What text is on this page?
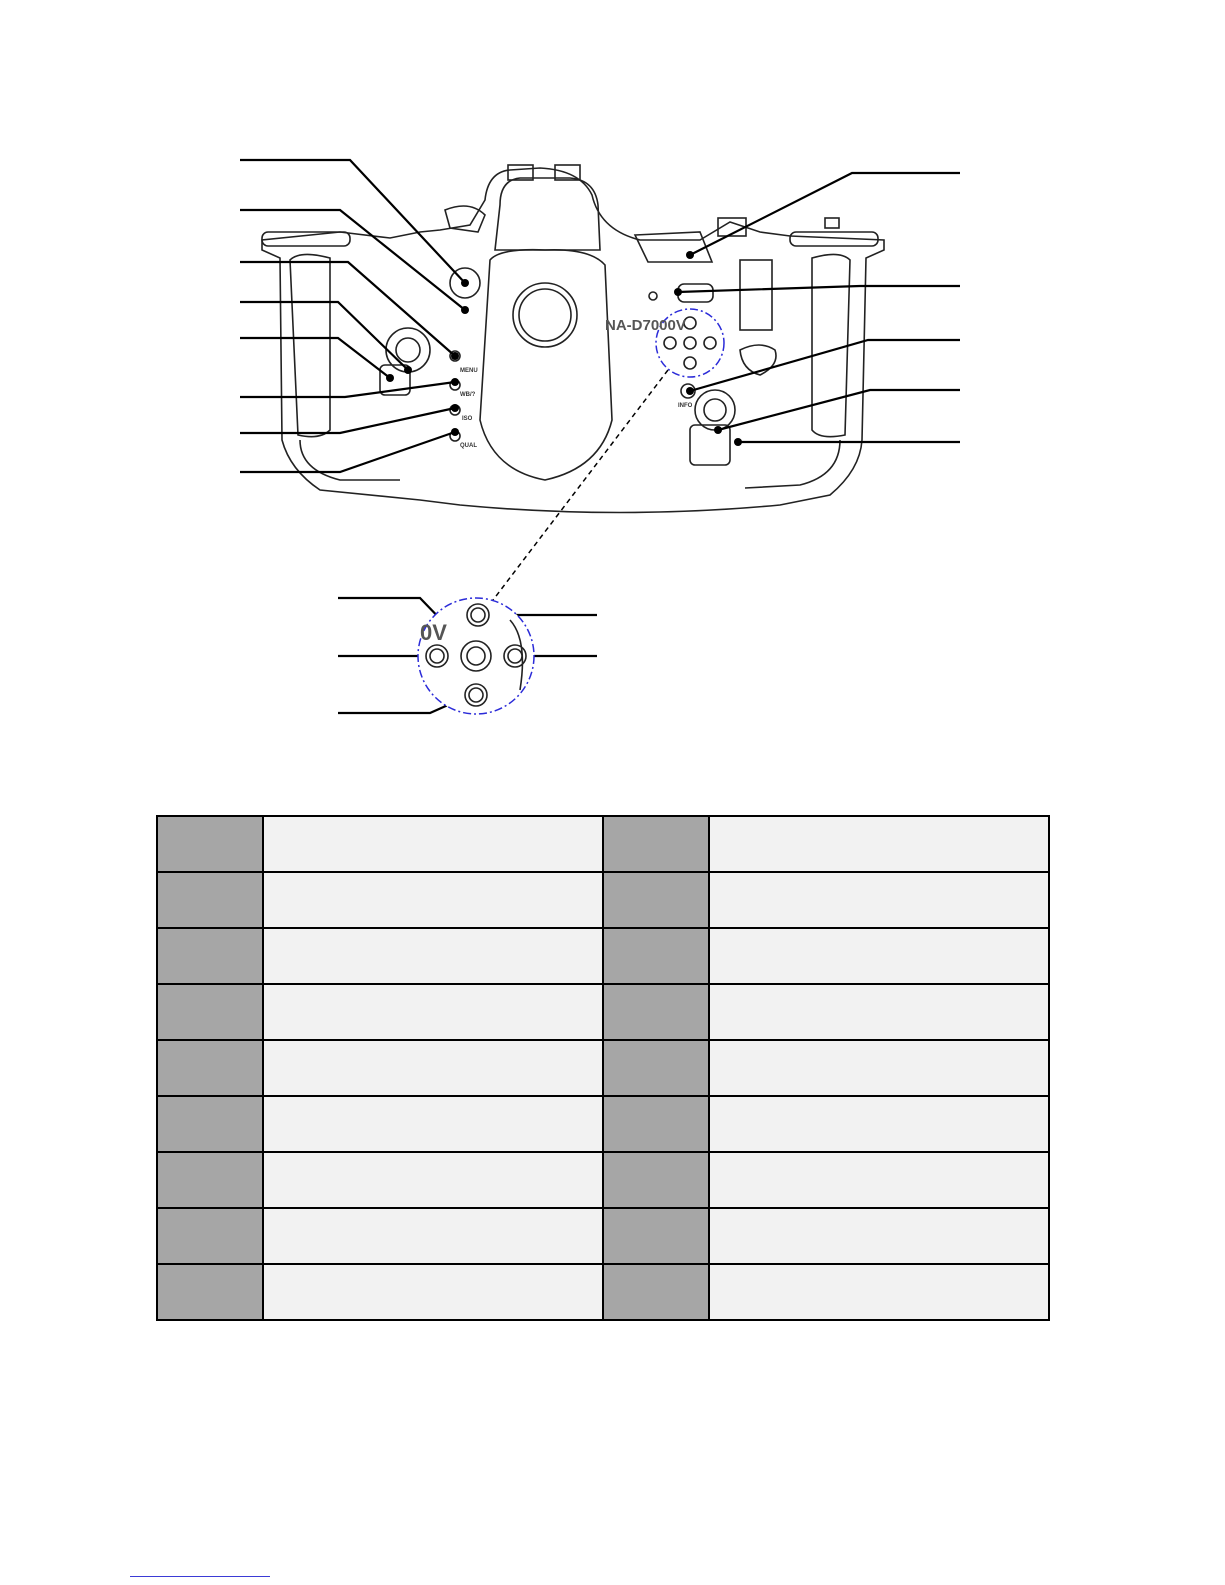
NA-D7000V
MENU
WB/?
ISO
QUAL
INFO
0V
